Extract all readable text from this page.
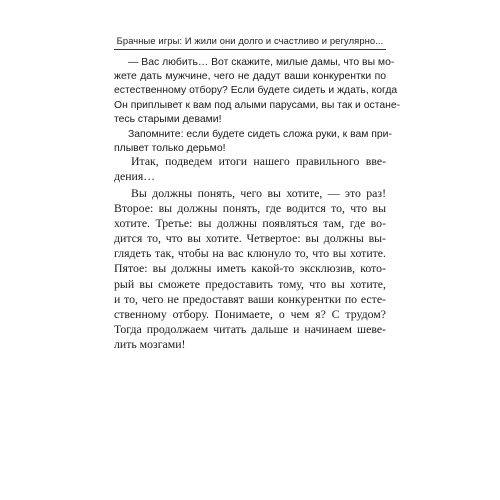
Брачные игры: И жили они долго и счастливо и регулярно...
— Вас любить… Вот скажите, милые дамы, что вы мо-
жете дать мужчине, чего не дадут ваши конкурентки по
естественному отбору? Если будете сидеть и ждать, когда
Он приплывет к вам под алыми парусами, вы так и остане-
тесь старыми девами!
Запомните: если будете сидеть сложа руки, к вам при-
плывет только дерьмо!
Итак, подведем итоги нашего правильного вве-
дения…
Вы должны понять, чего вы хотите, — это раз!
Второе: вы должны понять, где водится то, что вы
хотите. Третье: вы должны появляться там, где во-
дится то, что вы хотите. Четвертое: вы должны вы-
глядеть так, чтобы на вас клюнуло то, что вы хотите.
Пятое: вы должны иметь какой-то эксклюзив, кото-
рый вы сможете предоставить тому, что вы хотите,
и то, чего не предоставят ваши конкурентки по есте-
ственному отбору. Понимаете, о чем я? С трудом?
Тогда продолжаем читать дальше и начинаем шеве-
лить мозгами!
